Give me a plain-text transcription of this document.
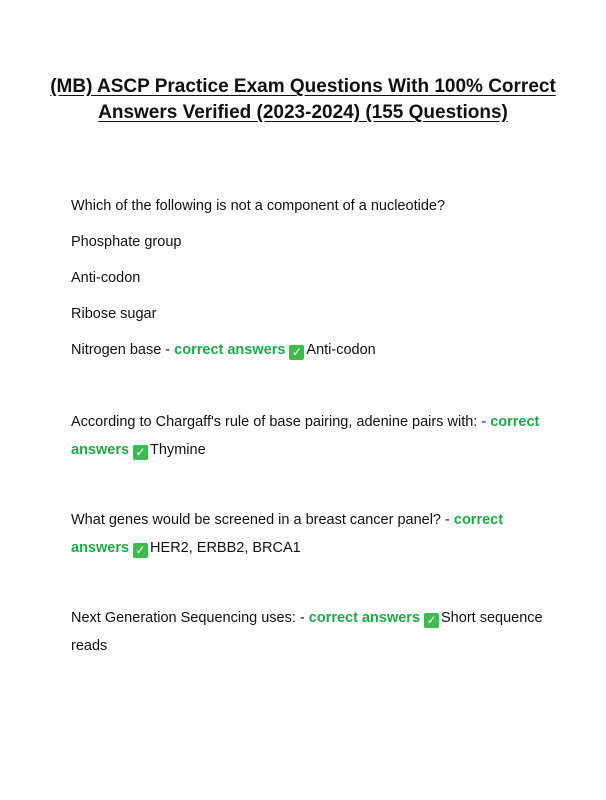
(MB) ASCP Practice Exam Questions With 100% Correct Answers Verified (2023-2024) (155 Questions)

Which of the following is not a component of a nucleotide?

Phosphate group

Anti-codon

Ribose sugar

Nitrogen base - correct answers ✓ Anti-codon

According to Chargaff's rule of base pairing, adenine pairs with: - correct answers ✓ Thymine

What genes would be screened in a breast cancer panel? - correct answers ✓ HER2, ERBB2, BRCA1

Next Generation Sequencing uses: - correct answers ✓ Short sequence reads
